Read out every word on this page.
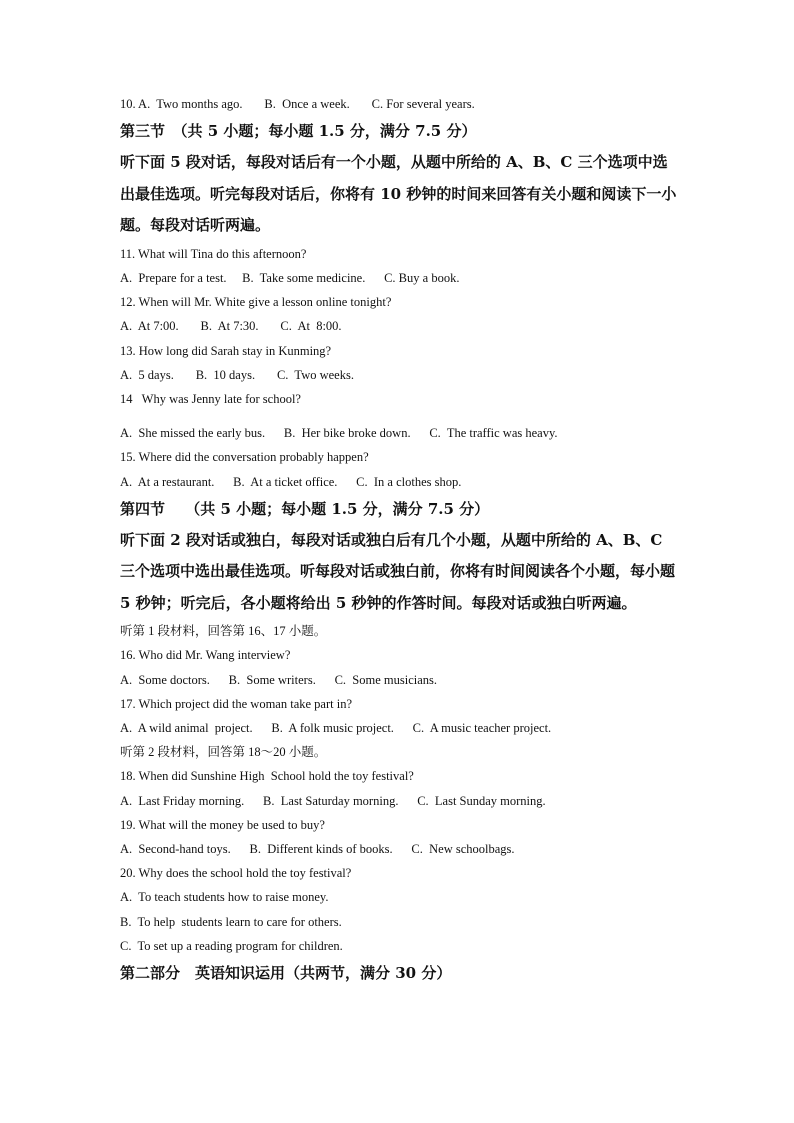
10. A.  Two months ago.       B.  Once a week.       C. For several years.
第三节　（共 5 小题；每小题 1.5 分，满分 7.5 分）
听下面 5 段对话，每段对话后有一个小题，从题中所给的 A、B、C 三个选项中选出最佳选项。听完每段对话后，你将有 10 秒钟的时间来回答有关小题和阅读下一小题。每段对话听两遍。
11. What will Tina do this afternoon?
A.  Prepare for a test.     B.  Take some medicine.      C. Buy a book.
12. When will Mr. White give a lesson online tonight?
A.  At 7:00.       B.  At 7:30.       C.  At  8:00.
13. How long did Sarah stay in Kunming?
A.  5 days.       B.  10 days.       C.  Two weeks.
14   Why was Jenny late for school?
A.  She missed the early bus.      B.  Her bike broke down.      C.  The traffic was heavy.
15. Where did the conversation probably happen?
A.  At a restaurant.      B.  At a ticket office.      C.  In a clothes shop.
第四节　 （共 5 小题；每小题 1.5 分，满分 7.5 分）
听下面 2 段对话或独白，每段对话或独白后有几个小题，从题中所给的 A、B、C 三个选项中选出最佳选项。听每段对话或独白前，你将有时间阅读各个小题，每小题 5 秒钟；听完后，各小题将给出 5 秒钟的作答时间。每段对话或独白听两遍。
听第 1 段材料，回答第 16、17 小题。
16. Who did Mr. Wang interview?
A.  Some doctors.      B.  Some writers.      C.  Some musicians.
17. Which project did the woman take part in?
A.  A wild animal  project.      B.  A folk music project.      C.  A music teacher project.
听第 2 段材料，回答第 18～20 小题。
18. When did Sunshine High  School hold the toy festival?
A.  Last Friday morning.      B.  Last Saturday morning.      C.  Last Sunday morning.
19. What will the money be used to buy?
A.  Second-hand toys.      B.  Different kinds of books.      C.  New schoolbags.
20. Why does the school hold the toy festival?
A.  To teach students how to raise money.
B.  To help  students learn to care for others.
C.  To set up a reading program for children.
第二部分　英语知识运用（共两节，满分 30 分）
